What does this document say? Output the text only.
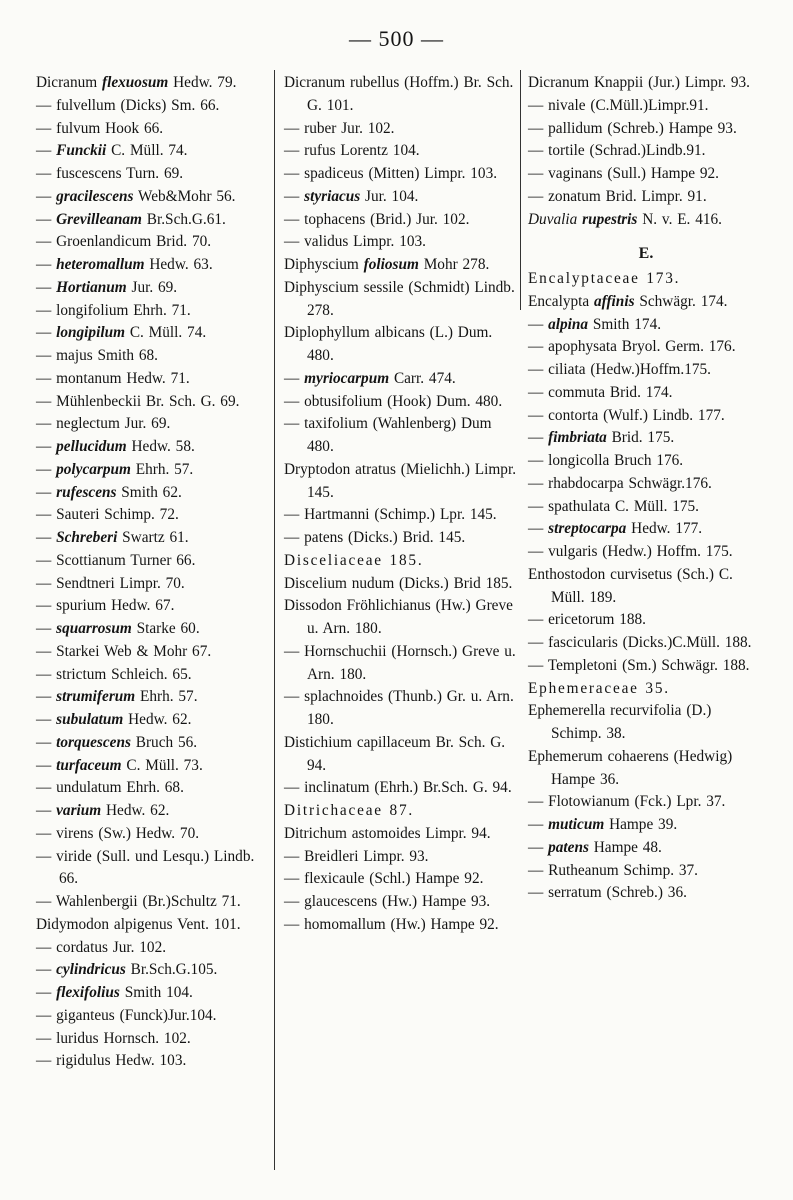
— 500 —
Dicranum flexuosum Hedw. 79.
— fulvellum (Dicks) Sm. 66.
— fulvum Hook 66.
— Funckii C. Müll. 74.
— fuscescens Turn. 69.
— gracilescens Web&Mohr 56.
— Grevilleanam Br.Sch.G.61.
— Groenlandicum Brid. 70.
— heteromallum Hedw. 63.
— Hortianum Jur. 69.
— longifolium Ehrh. 71.
— longipilum C. Müll. 74.
— majus Smith 68.
— montanum Hedw. 71.
— Mühlenbeckii Br. Sch. G. 69.
— neglectum Jur. 69.
— pellucidum Hedw. 58.
— polycarpum Ehrh. 57.
— rufescens Smith 62.
— Sauteri Schimp. 72.
— Schreberi Swartz 61.
— Scottianum Turner 66.
— Sendtneri Limpr. 70.
— spurium Hedw. 67.
— squarrosum Starke 60.
— Starkei Web & Mohr 67.
— strictum Schleich. 65.
— strumiferum Ehrh. 57.
— subulatum Hedw. 62.
— torquescens Bruch 56.
— turfaceum C. Müll. 73.
— undulatum Ehrh. 68.
— varium Hedw. 62.
— virens (Sw.) Hedw. 70.
— viride (Sull. und Lesqu.) Lindb. 66.
— Wahlenbergii (Br.)Schultz 71.
Didymodon alpigenus Vent. 101.
— cordatus Jur. 102.
— cylindricus Br.Sch.G.105.
— flexifolius Smith 104.
— giganteus (Funck)Jur.104.
— luridus Hornsch. 102.
— rigidulus Hedw. 103.
Dicranum rubellus (Hoffm.) Br. Sch. G. 101.
— ruber Jur. 102.
— rufus Lorentz 104.
— spadiceus (Mitten) Limpr. 103.
— styriacus Jur. 104.
— tophacens (Brid.) Jur. 102.
— validus Limpr. 103.
Diphyscium foliosum Mohr 278.
Diphyscium sessile (Schmidt) Lindb. 278.
Diplophyllum albicans (L.) Dum. 480.
— myriocarpum Carr. 474.
— obtusifolium (Hook) Dum. 480.
— taxifolium (Wahlenberg) Dum 480.
Dryptodon atratus (Mielichh.) Limpr. 145.
— Hartmanni (Schimp.) Lpr. 145.
— patens (Dicks.) Brid. 145.
Disceliaceae 185.
Discelium nudum (Dicks.) Brid 185.
Dissodon Fröhlichianus (Hw.) Greve u. Arn. 180.
— Hornschuchii (Hornsch.) Greve u. Arn. 180.
— splachnoides (Thunb.) Gr. u. Arn. 180.
Distichium capillaceum Br. Sch. G. 94.
— inclinatum (Ehrh.) Br.Sch. G. 94.
Ditrichaceae 87.
Ditrichum astomoides Limpr. 94.
— Breidleri Limpr. 93.
— flexicaule (Schl.) Hampe 92.
— glaucescens (Hw.) Hampe 93.
— homomallum (Hw.) Hampe 92.
Dicranum Knappii (Jur.) Limpr. 93.
— nivale (C.Müll.)Limpr.91.
— pallidum (Schreb.) Hampe 93.
— tortile (Schrad.)Lindb.91.
— vaginans (Sull.) Hampe 92.
— zonatum Brid. Limpr. 91.
Duvalia rupestris N. v. E. 416.
E.
Encalyptaceae 173.
Encalypta affinis Schwägr. 174.
— alpina Smith 174.
— apophysata Bryol. Germ. 176.
— ciliata (Hedw.)Hoffm.175.
— commuta Brid. 174.
— contorta (Wulf.) Lindb. 177.
— fimbriata Brid. 175.
— longicolla Bruch 176.
— rhabdocarpa Schwägr.176.
— spathulata C. Müll. 175.
— streptocarpa Hedw. 177.
— vulgaris (Hedw.) Hoffm. 175.
Enthostodon curvisetus (Sch.) C. Müll. 189.
— ericetorum 188.
— fascicularis (Dicks.)C.Müll. 188.
— Templetoni (Sm.) Schwägr. 188.
Ephemeraceae 35.
Ephemerella recurvifolia (D.) Schimp. 38.
Ephemerum cohaerens (Hedwig) Hampe 36.
— Flotowianum (Fck.) Lpr. 37.
— muticum Hampe 39.
— patens Hampe 48.
— Rutheanum Schimp. 37.
— serratum (Schreb.) 36.
